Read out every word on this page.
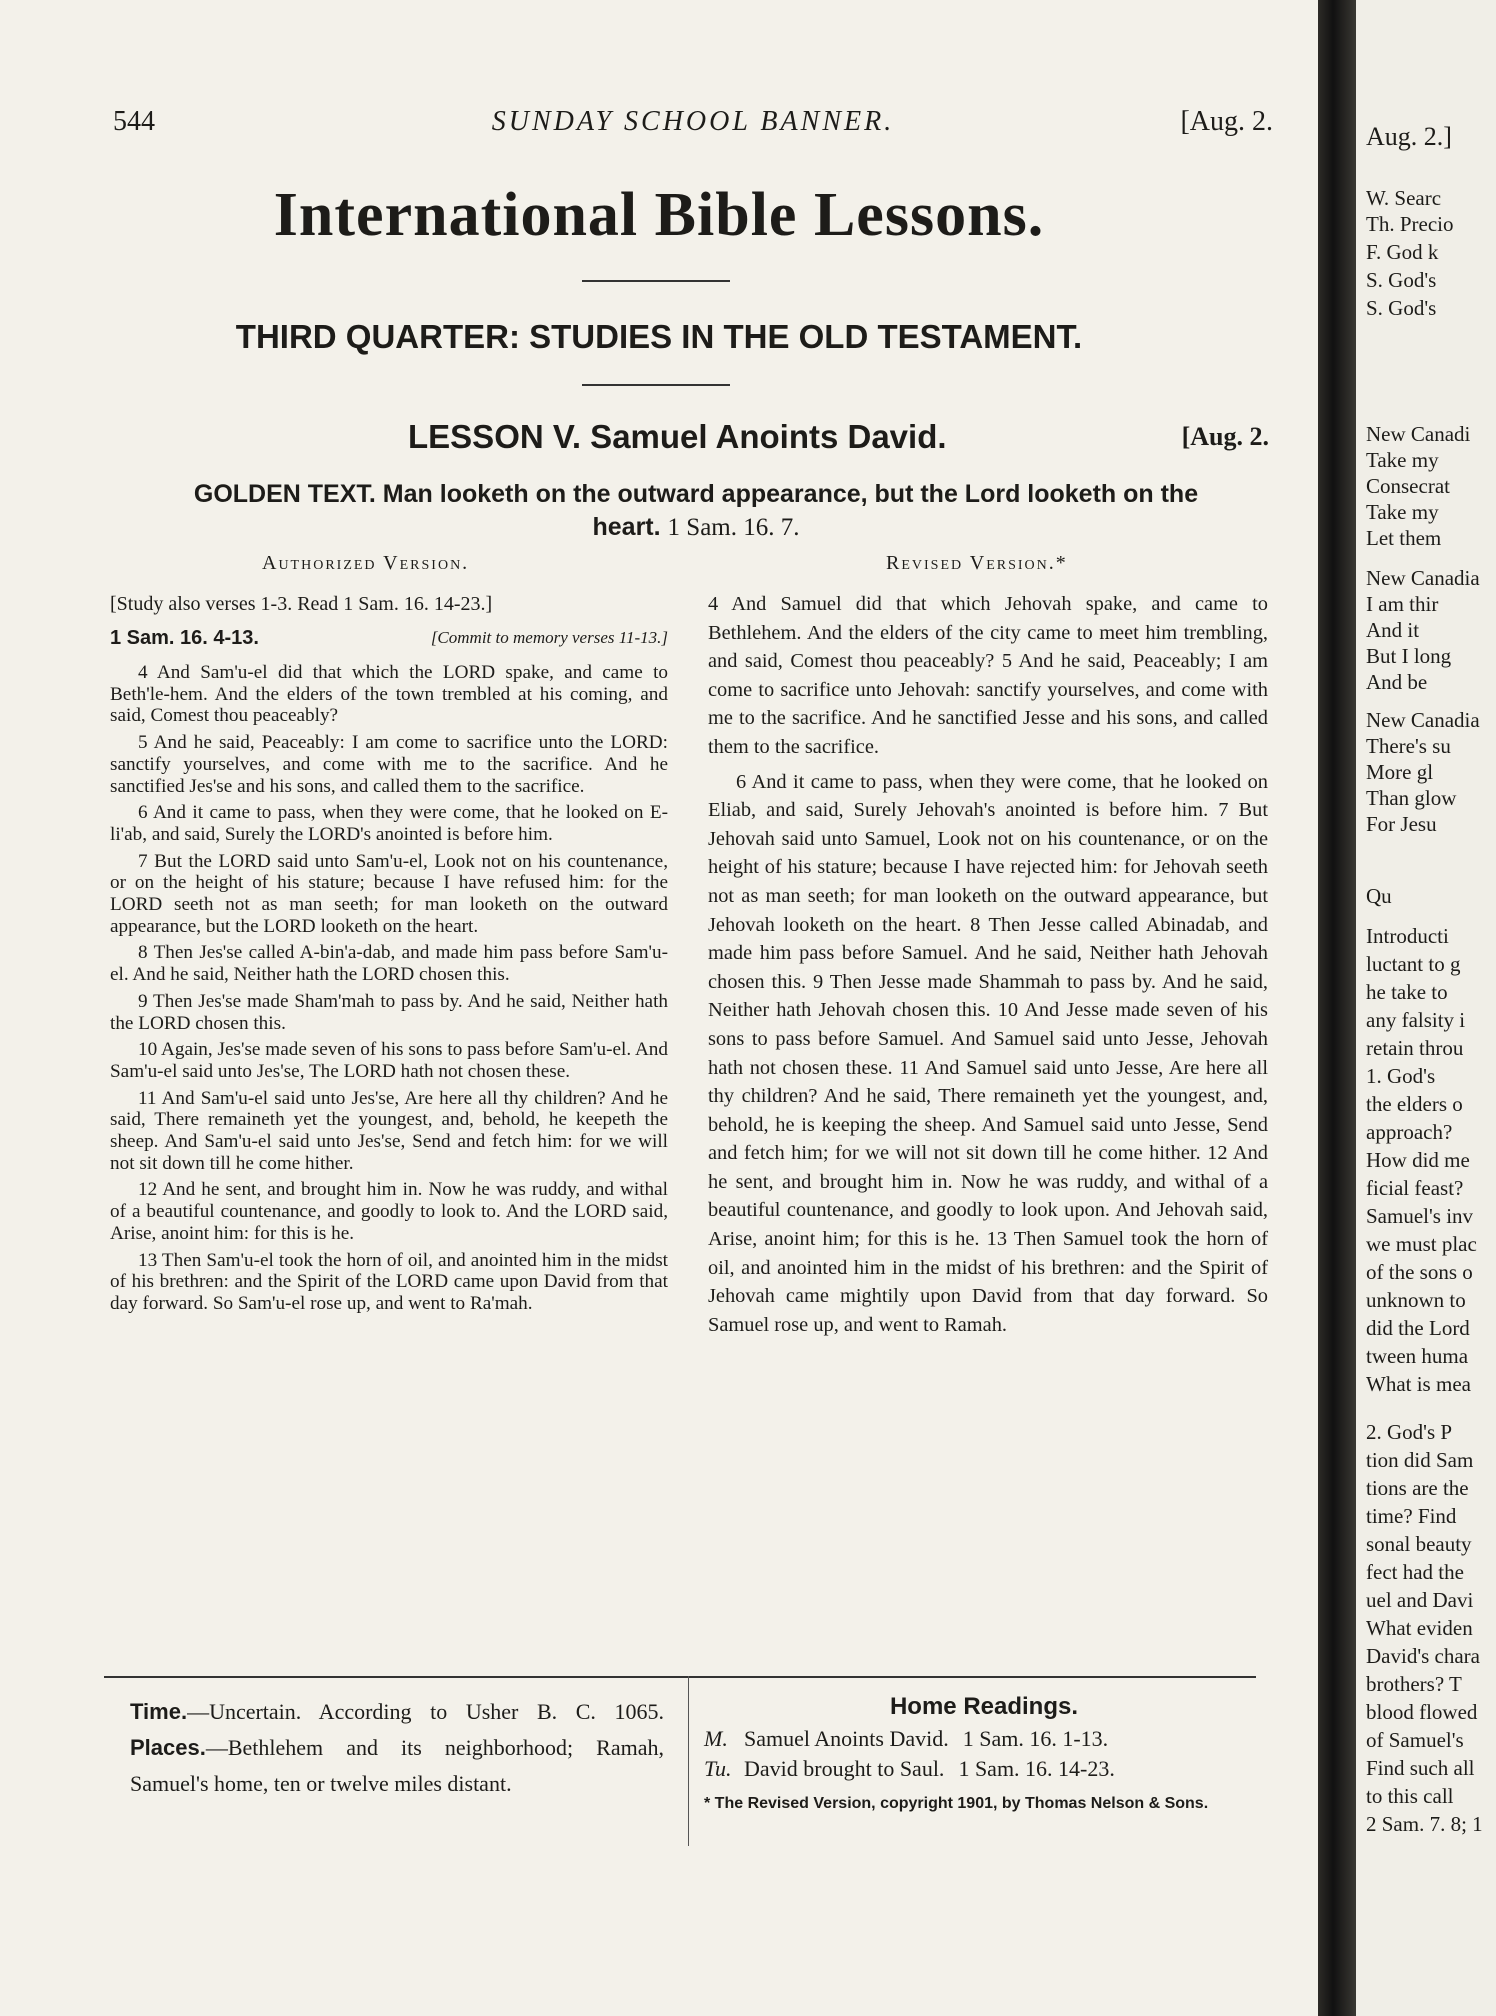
544	SUNDAY SCHOOL BANNER.	[Aug. 2.
International Bible Lessons.
THIRD QUARTER: STUDIES IN THE OLD TESTAMENT.
LESSON V. Samuel Anoints David.	[Aug. 2.
GOLDEN TEXT. Man looketh on the outward appearance, but the Lord looketh on the heart. 1 Sam. 16. 7.
Authorized Version.	Revised Version.*
[Study also verses 1-3. Read 1 Sam. 16. 14-23.]
1 Sam. 16. 4-13.	[Commit to memory verses 11-13.]

4 And Sam'u-el did that which the LORD spake, and came to Beth'le-hem. And the elders of the town trembled at his coming, and said, Comest thou peaceably?

5 And he said, Peaceably: I am come to sacrifice unto the LORD: sanctify yourselves, and come with me to the sacrifice. And he sanctified Jes'se and his sons, and called them to the sacrifice.

6 And it came to pass, when they were come, that he looked on E-li'ab, and said, Surely the LORD's anointed is before him.

7 But the LORD said unto Sam'u-el, Look not on his countenance, or on the height of his stature; because I have refused him: for the LORD seeth not as man seeth; for man looketh on the outward appearance, but the LORD looketh on the heart.

8 Then Jes'se called A-bin'a-dab, and made him pass before Sam'u-el. And he said, Neither hath the LORD chosen this.

9 Then Jes'se made Sham'mah to pass by. And he said, Neither hath the LORD chosen this.

10 Again, Jes'se made seven of his sons to pass before Sam'u-el. And Sam'u-el said unto Jes'se, The LORD hath not chosen these.

11 And Sam'u-el said unto Jes'se, Are here all thy children? And he said, There remaineth yet the youngest, and, behold, he keepeth the sheep. And Sam'u-el said unto Jes'se, Send and fetch him: for we will not sit down till he come hither.

12 And he sent, and brought him in. Now he was ruddy, and withal of a beautiful countenance, and goodly to look to. And the LORD said, Arise, anoint him: for this is he.

13 Then Sam'u-el took the horn of oil, and anointed him in the midst of his brethren: and the Spirit of the LORD came upon David from that day forward. So Sam'u-el rose up, and went to Ra'mah.

4 And Samuel did that which Jehovah spake, and came to Bethlehem. And the elders of the city came to meet him trembling, and said, Comest thou peaceably? 5 And he said, Peaceably; I am come to sacrifice unto Jehovah: sanctify yourselves, and come with me to the sacrifice. And he sanctified Jesse and his sons, and called them to the sacrifice.

6 And it came to pass, when they were come, that he looked on Eliab, and said, Surely Jehovah's anointed is before him. 7 But Jehovah said unto Samuel, Look not on his countenance, or on the height of his stature; because I have rejected him: for Jehovah seeth not as man seeth; for man looketh on the outward appearance, but Jehovah looketh on the heart. 8 Then Jesse called Abinadab, and made him pass before Samuel. And he said, Neither hath Jehovah chosen this. 9 Then Jesse made Shammah to pass by. And he said, Neither hath Jehovah chosen this. 10 And Jesse made seven of his sons to pass before Samuel. And Samuel said unto Jesse, Jehovah hath not chosen these. 11 And Samuel said unto Jesse, Are here all thy children? And he said, There remaineth yet the youngest, and, behold, he is keeping the sheep. And Samuel said unto Jesse, Send and fetch him; for we will not sit down till he come hither. 12 And he sent, and brought him in. Now he was ruddy, and withal of a beautiful countenance, and goodly to look upon. And Jehovah said, Arise, anoint him; for this is he. 13 Then Samuel took the horn of oil, and anointed him in the midst of his brethren: and the Spirit of Jehovah came mightily upon David from that day forward. So Samuel rose up, and went to Ramah.

Time.—Uncertain. According to Usher B. C. 1065. Places.—Bethlehem and its neighborhood; Ramah, Samuel's home, ten or twelve miles distant.
Home Readings.
M. Samuel Anoints David. 1 Sam. 16. 1-13.
Tu. David brought to Saul. 1 Sam. 16. 14-23.
* The Revised Version, copyright 1901, by Thomas Nelson & Sons.
Aug. 2.]
W. Searc
Th. Precio
F. God k
S. God's
S. God's
New Canadi
Take my
Consecrat
Take my
Let them
New Canadia
I am thir
And it
But I long
And be
New Canadia
There's su
More gl
Than glow
For Jesu
Qu
Introducti
luctant to g
he take to
any falsity i
retain throu
1. God's
the elders o
approach?
How did me
ficial feast?
Samuel's inv
we must plac
of the sons o
unknown to
did the Lord
tween huma
What is mea
2. God's P
tion did Sam
tions are the
time? Find
sonal beauty
fect had the
uel and Davi
What eviden
David's chara
brothers? T
blood flowed
of Samuel's
Find such all
to this call
2 Sam. 7. 8; 1
